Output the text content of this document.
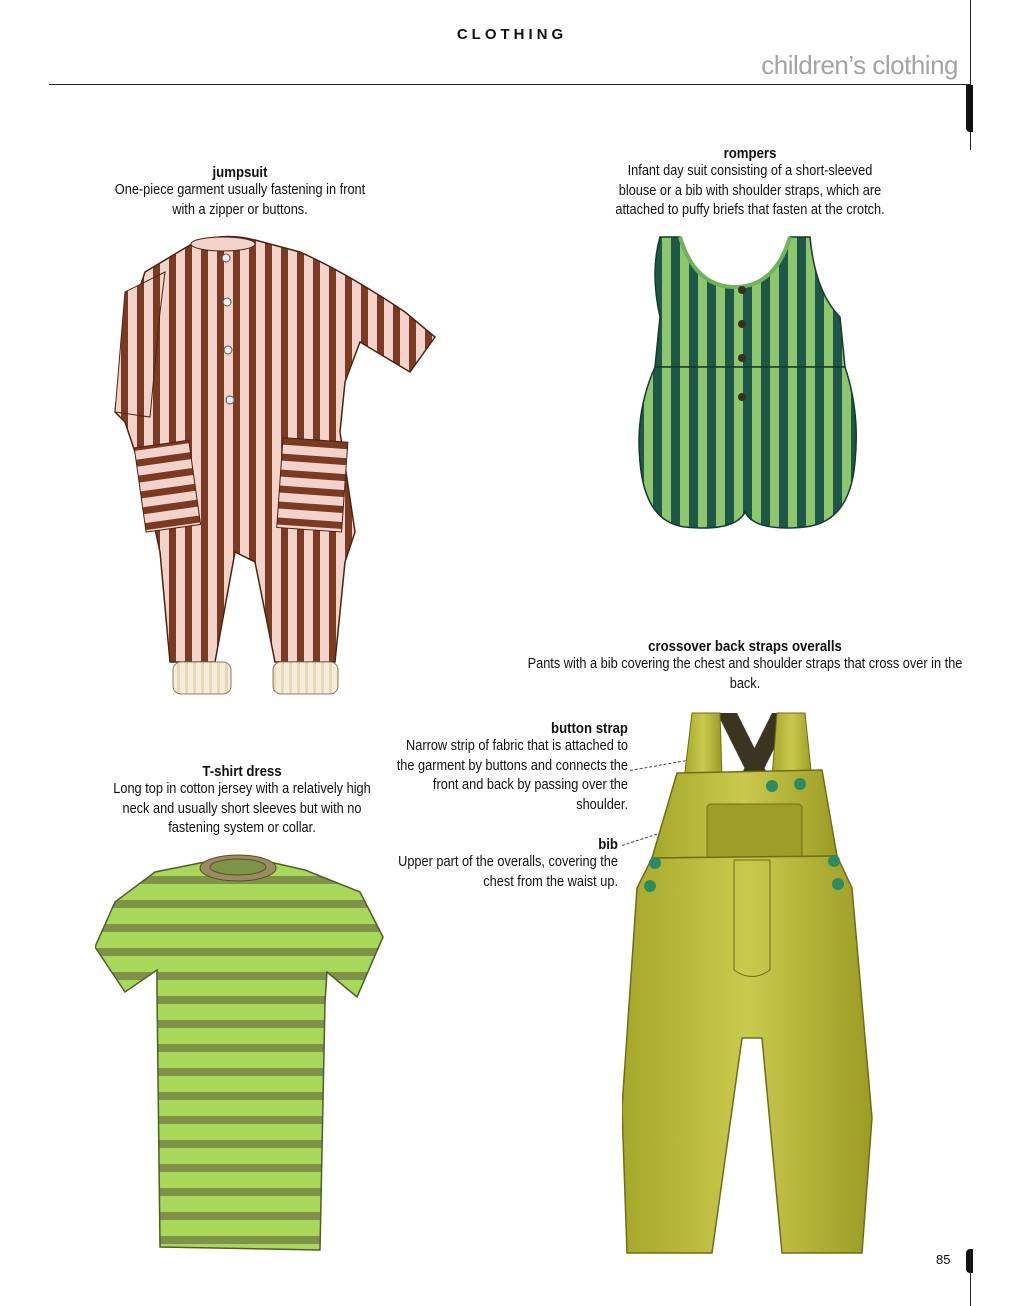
CLOTHING
children’s clothing
jumpsuit
One-piece garment usually fastening in front with a zipper or buttons.
rompers
Infant day suit consisting of a short-sleeved blouse or a bib with shoulder straps, which are attached to puffy briefs that fasten at the crotch.
crossover back straps overalls
Pants with a bib covering the chest and shoulder straps that cross over in the back.
T-shirt dress
Long top in cotton jersey with a relatively high neck and usually short sleeves but with no fastening system or collar.
button strap
Narrow strip of fabric that is attached to the garment by buttons and connects the front and back by passing over the shoulder.
bib
Upper part of the overalls, covering the chest from the waist up.
85
